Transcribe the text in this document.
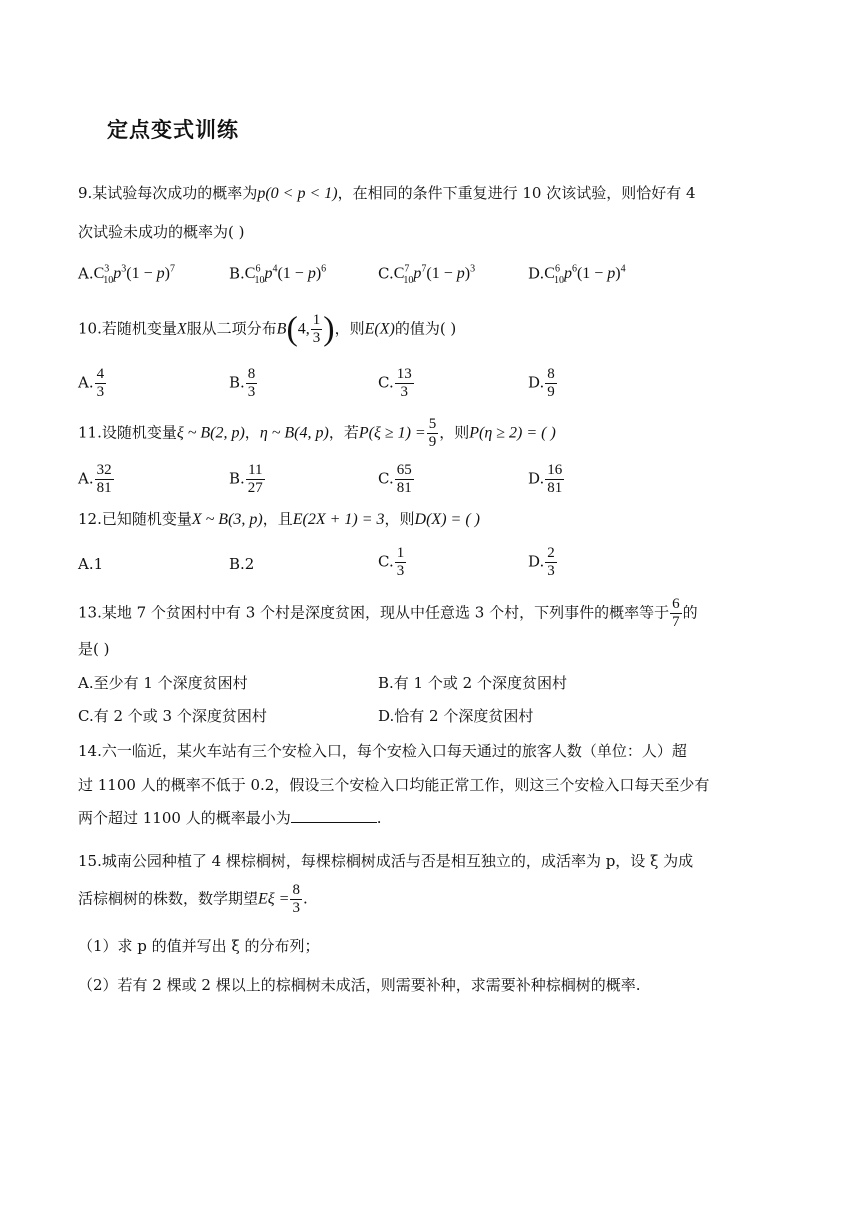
定点变式训练
9.某试验每次成功的概率为p(0 < p < 1)，在相同的条件下重复进行 10 次该试验，则恰好有 4
次试验未成功的概率为( )
$A.C^3_{10}p^3(1 - p)^7$	$B.C^6_{10}p^4(1 - p)^6$	$C.C^7_{10}p^7(1 - p)^3$	$D.C^6_{10}p^6(1 - p)^4$
10.若随机变量X服从二项分布B(4, $\frac{1}{3}$ )，则E(X)的值为( )
A. $\frac{4}{3}$	B. $\frac{8}{3}$	C. $\frac{13}{3}$	D. $\frac{8}{9}$
11.设随机变量ξ ~ B(2, p)，η ~ B(4, p)，若$P(\xi \ge 1) = \frac{5}{9}$ ，则P(η ≥ 2) = ( )
A. $\frac{32}{81}$	B. $\frac{11}{27}$	C. $\frac{65}{81}$	D. $\frac{16}{81}$
12.已知随机变量X ~ B(3, p)，且E(2X + 1) = 3，则D(X) = ( )
A.1	B.2	C. $\frac{1}{3}$	D. $\frac{2}{3}$
13.某地 7 个贫困村中有 3 个村是深度贫困，现从中任意选 3 个村，下列事件的概率等于 $\frac{6}{7}$ 的
是( )
A.至少有 1 个深度贫困村	B.有 1 个或 2 个深度贫困村
C.有 2 个或 3 个深度贫困村	D.恰有 2 个深度贫困村
14.六一临近，某火车站有三个安检入口，每个安检入口每天通过的旅客人数（单位：人）超
过 1100 人的概率不低于 0.2，假设三个安检入口均能正常工作，则这三个安检入口每天至少有
两个超过 1100 人的概率最小为	.
15.城南公园种植了 4 棵棕榈树，每棵棕榈树成活与否是相互独立的，成活率为 p，设 ξ 为成
活棕榈树的株数，数学期望$E\xi = \frac{8}{3}$ .
（1）求 p 的值并写出 ξ 的分布列；
（2）若有 2 棵或 2 棵以上的棕榈树未成活，则需要补种，求需要补种棕榈树的概率.
